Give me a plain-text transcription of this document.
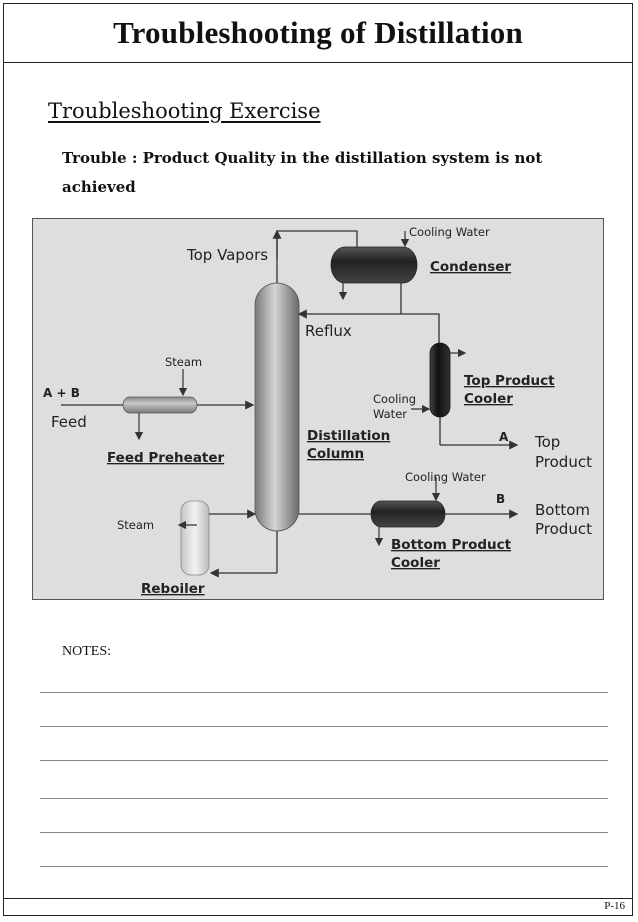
Troubleshooting of Distillation
Troubleshooting Exercise
Trouble : Product Quality in the distillation system is not achieved
Top Vapors
Cooling Water
Condenser
Reflux
Steam
A + B
Feed
Feed Preheater
Cooling
Water
Top Product
Cooler
A Top
Product
Distillation
Column
Cooling Water
B
Bottom
Product
Steam
Bottom Product
Cooler
Reboiler
NOTES:
P-16
